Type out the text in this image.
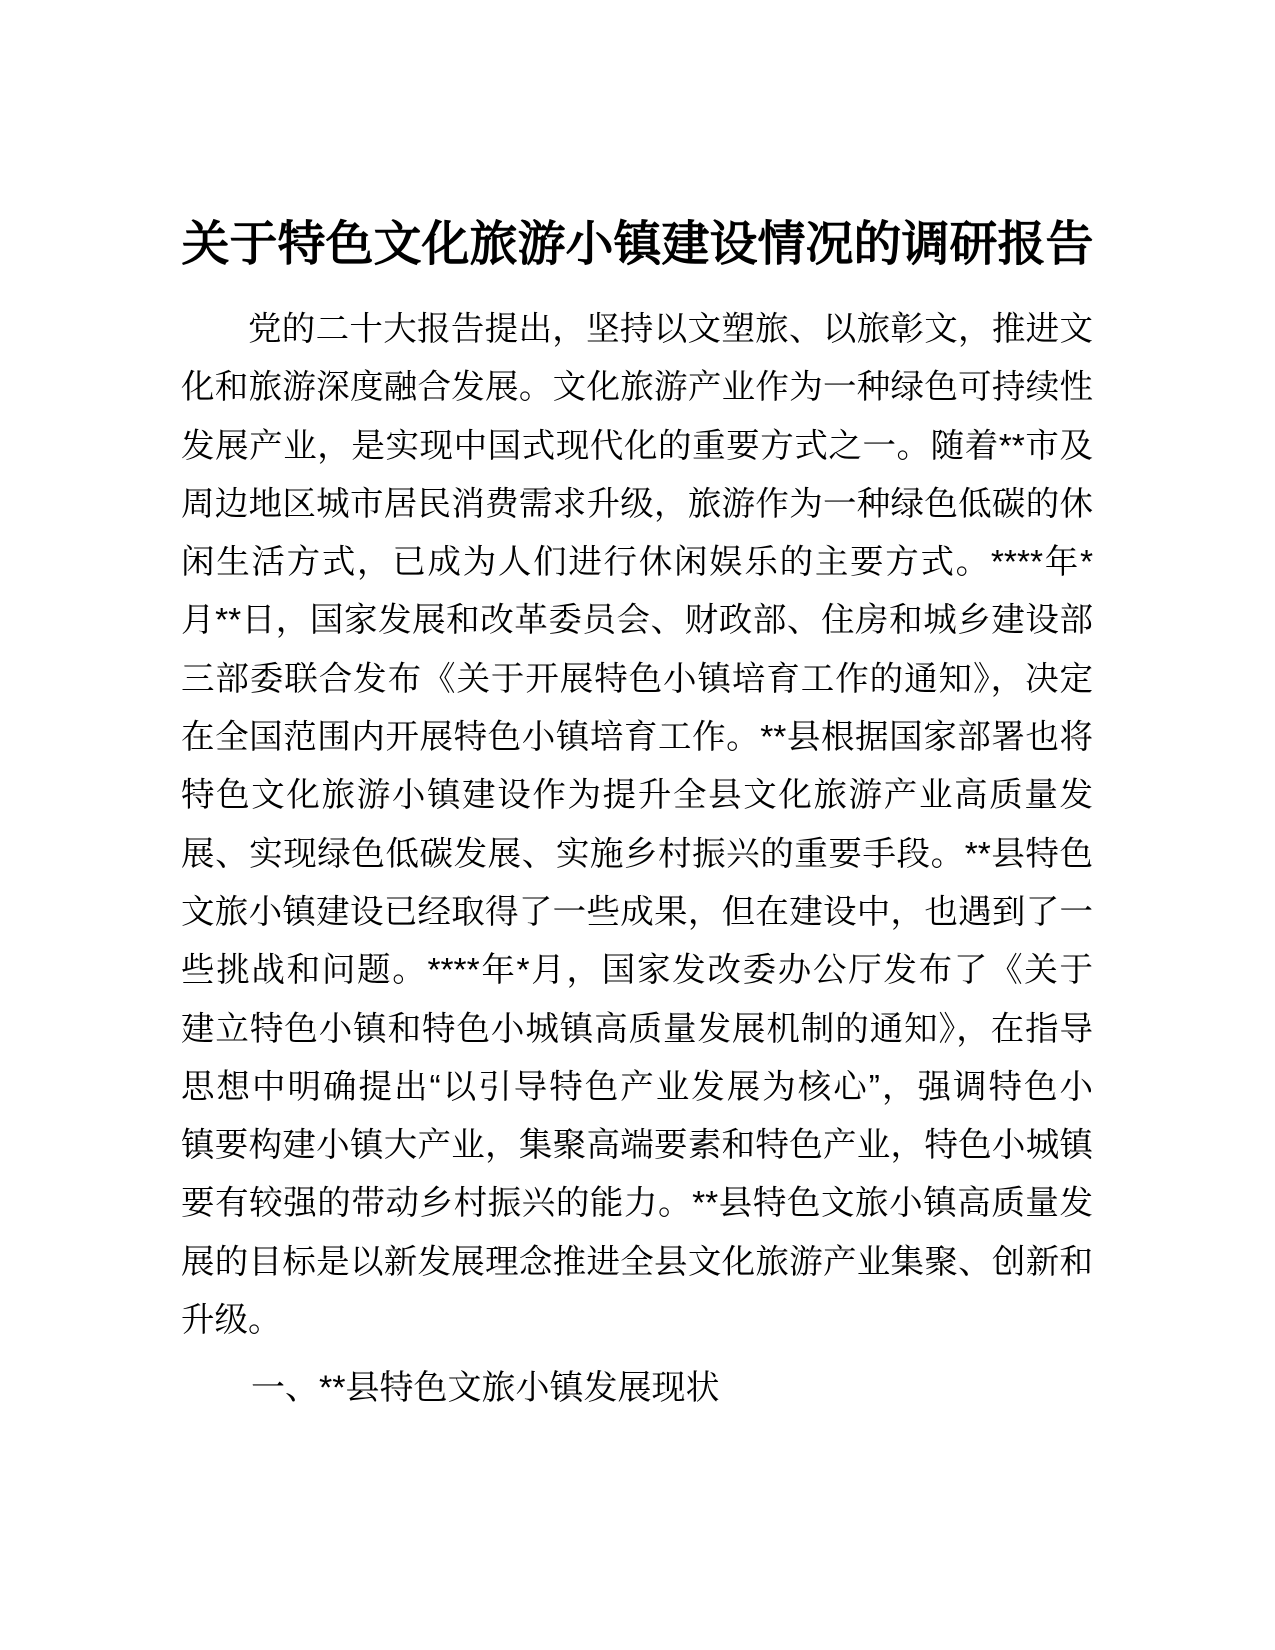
关于特色文化旅游小镇建设情况的调研报告
党的二十大报告提出，坚持以文塑旅、以旅彰文，推进文
化和旅游深度融合发展。文化旅游产业作为一种绿色可持续性
发展产业，是实现中国式现代化的重要方式之一。随着**市及
周边地区城市居民消费需求升级，旅游作为一种绿色低碳的休
闲生活方式，已成为人们进行休闲娱乐的主要方式。****年*
月**日，国家发展和改革委员会、财政部、住房和城乡建设部
三部委联合发布《关于开展特色小镇培育工作的通知》，决定
在全国范围内开展特色小镇培育工作。**县根据国家部署也将
特色文化旅游小镇建设作为提升全县文化旅游产业高质量发
展、实现绿色低碳发展、实施乡村振兴的重要手段。**县特色
文旅小镇建设已经取得了一些成果，但在建设中，也遇到了一
些挑战和问题。****年*月，国家发改委办公厅发布了《关于
建立特色小镇和特色小城镇高质量发展机制的通知》，在指导
思想中明确提出“以引导特色产业发展为核心”，强调特色小
镇要构建小镇大产业，集聚高端要素和特色产业，特色小城镇
要有较强的带动乡村振兴的能力。**县特色文旅小镇高质量发
展的目标是以新发展理念推进全县文化旅游产业集聚、创新和
升级。
一、**县特色文旅小镇发展现状
